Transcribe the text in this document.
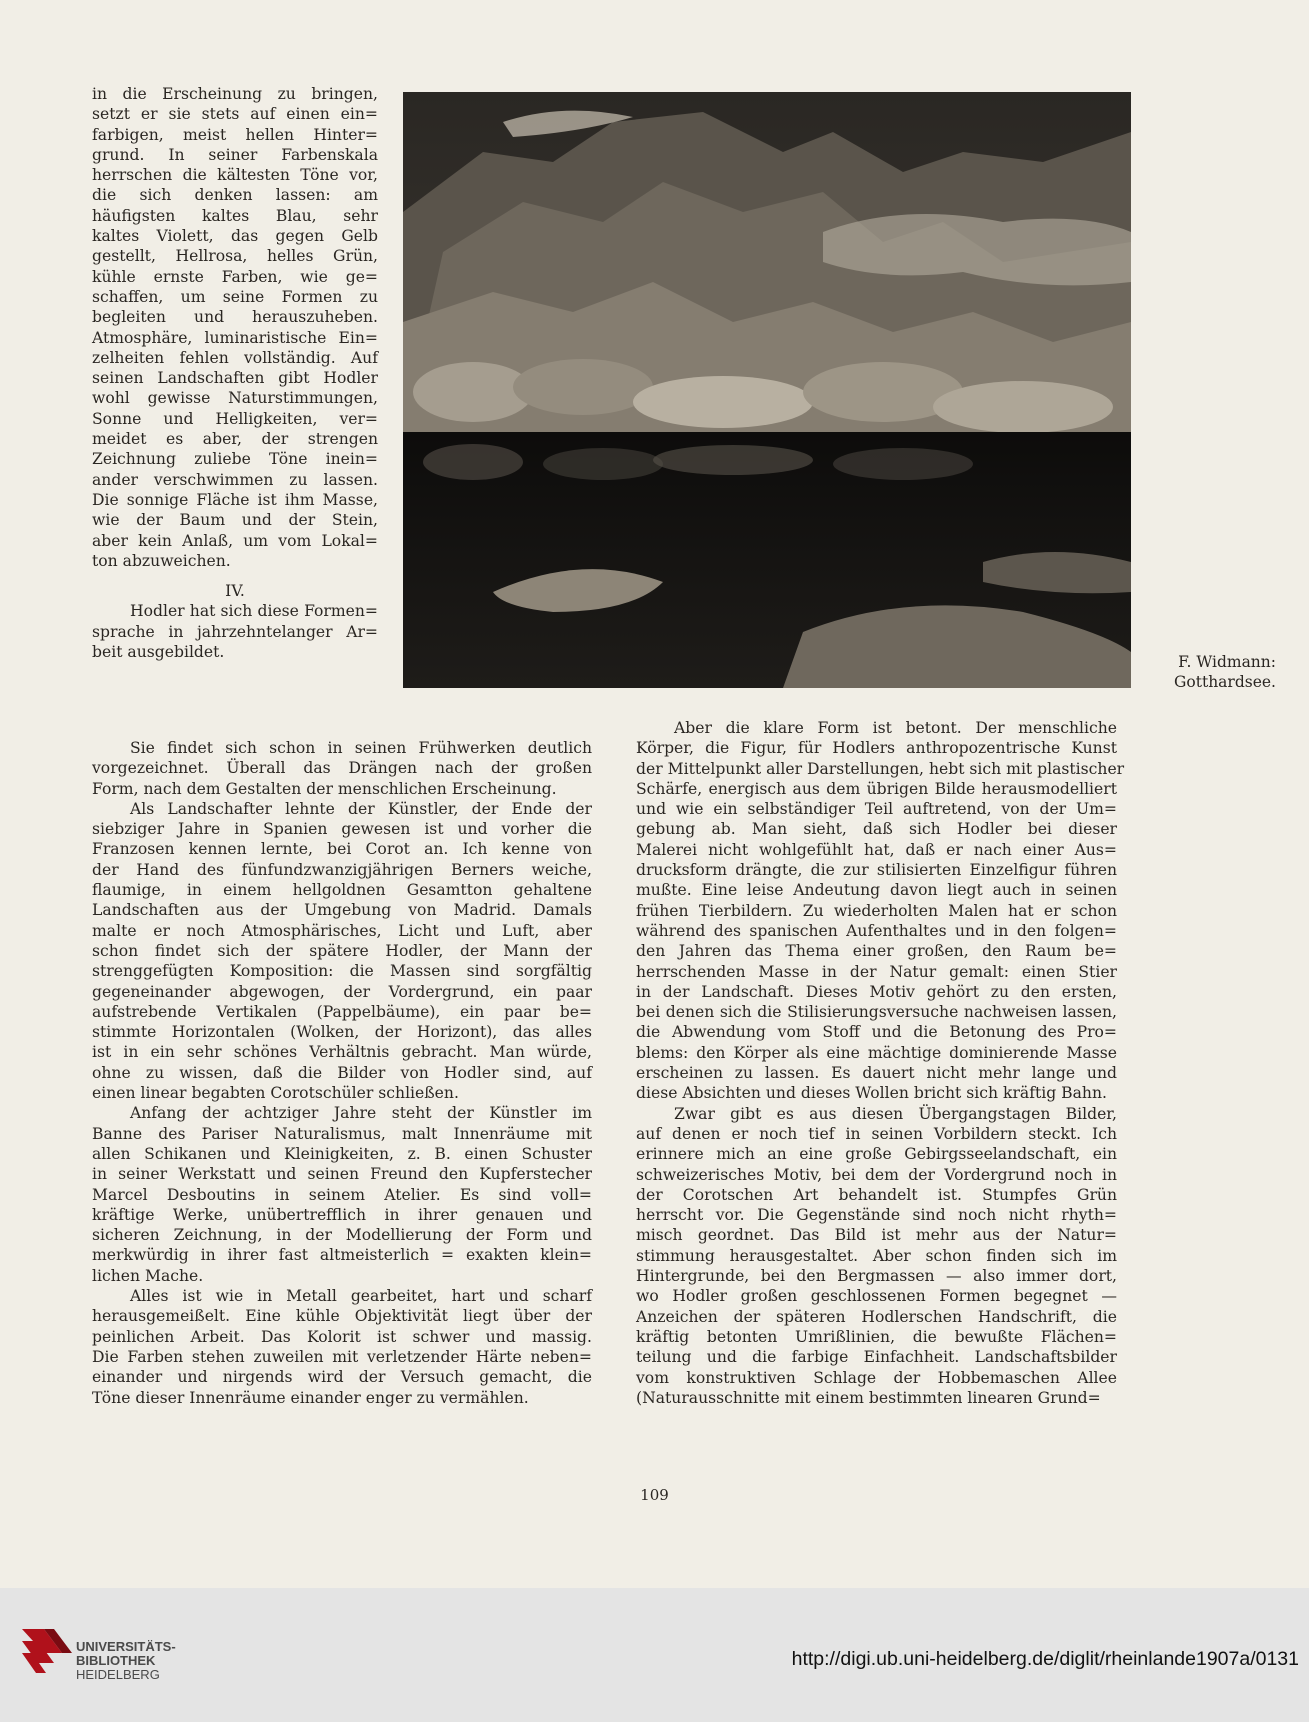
in die Erscheinung zu bringen,
setzt er sie stets auf einen ein=
farbigen, meist hellen Hinter=
grund. In seiner Farbenskala
herrschen die kältesten Töne vor,
die sich denken lassen: am
häufigsten kaltes Blau, sehr
kaltes Violett, das gegen Gelb
gestellt, Hellrosa, helles Grün,
kühle ernste Farben, wie ge=
schaffen, um seine Formen zu
begleiten und herauszuheben.
Atmosphäre, luminaristische Ein=
zelheiten fehlen vollständig. Auf
seinen Landschaften gibt Hodler
wohl gewisse Naturstimmungen,
Sonne und Helligkeiten, ver=
meidet es aber, der strengen
Zeichnung zuliebe Töne inein=
ander verschwimmen zu lassen.
Die sonnige Fläche ist ihm Masse,
wie der Baum und der Stein,
aber kein Anlaß, um vom Lokal=
ton abzuweichen.

IV.

Hodler hat sich diese Formen=
sprache in jahrzehntelanger Ar=
beit ausgebildet.

F. Widmann:
Gotthardsee.

Sie findet sich schon in seinen Frühwerken deutlich
vorgezeichnet. Überall das Drängen nach der großen
Form, nach dem Gestalten der menschlichen Erscheinung.

Als Landschafter lehnte der Künstler, der Ende der
siebziger Jahre in Spanien gewesen ist und vorher die
Franzosen kennen lernte, bei Corot an. Ich kenne von
der Hand des fünfundzwanzigjährigen Berners weiche,
flaumige, in einem hellgoldnen Gesamtton gehaltene
Landschaften aus der Umgebung von Madrid. Damals
malte er noch Atmosphärisches, Licht und Luft, aber
schon findet sich der spätere Hodler, der Mann der
strenggefügten Komposition: die Massen sind sorgfältig
gegeneinander abgewogen, der Vordergrund, ein paar
aufstrebende Vertikalen (Pappelbäume), ein paar be=
stimmte Horizontalen (Wolken, der Horizont), das alles
ist in ein sehr schönes Verhältnis gebracht. Man würde,
ohne zu wissen, daß die Bilder von Hodler sind, auf
einen linear begabten Corotschüler schließen.

Anfang der achtziger Jahre steht der Künstler im
Banne des Pariser Naturalismus, malt Innenräume mit
allen Schikanen und Kleinigkeiten, z. B. einen Schuster
in seiner Werkstatt und seinen Freund den Kupferstecher
Marcel Desboutins in seinem Atelier. Es sind voll=
kräftige Werke, unübertrefflich in ihrer genauen und
sicheren Zeichnung, in der Modellierung der Form und
merkwürdig in ihrer fast altmeisterlich = exakten klein=
lichen Mache.

Alles ist wie in Metall gearbeitet, hart und scharf
herausgemeißelt. Eine kühle Objektivität liegt über der
peinlichen Arbeit. Das Kolorit ist schwer und massig.
Die Farben stehen zuweilen mit verletzender Härte neben=
einander und nirgends wird der Versuch gemacht, die
Töne dieser Innenräume einander enger zu vermählen.

Aber die klare Form ist betont. Der menschliche
Körper, die Figur, für Hodlers anthropozentrische Kunst
der Mittelpunkt aller Darstellungen, hebt sich mit plastischer
Schärfe, energisch aus dem übrigen Bilde herausmodelliert
und wie ein selbständiger Teil auftretend, von der Um=
gebung ab. Man sieht, daß sich Hodler bei dieser
Malerei nicht wohlgefühlt hat, daß er nach einer Aus=
drucksform drängte, die zur stilisierten Einzelfigur führen
mußte. Eine leise Andeutung davon liegt auch in seinen
frühen Tierbildern. Zu wiederholten Malen hat er schon
während des spanischen Aufenthaltes und in den folgen=
den Jahren das Thema einer großen, den Raum be=
herrschenden Masse in der Natur gemalt: einen Stier
in der Landschaft. Dieses Motiv gehört zu den ersten,
bei denen sich die Stilisierungsversuche nachweisen lassen,
die Abwendung vom Stoff und die Betonung des Pro=
blems: den Körper als eine mächtige dominierende Masse
erscheinen zu lassen. Es dauert nicht mehr lange und
diese Absichten und dieses Wollen bricht sich kräftig Bahn.

Zwar gibt es aus diesen Übergangstagen Bilder,
auf denen er noch tief in seinen Vorbildern steckt. Ich
erinnere mich an eine große Gebirgsseelandschaft, ein
schweizerisches Motiv, bei dem der Vordergrund noch in
der Corotschen Art behandelt ist. Stumpfes Grün
herrscht vor. Die Gegenstände sind noch nicht rhyth=
misch geordnet. Das Bild ist mehr aus der Natur=
stimmung herausgestaltet. Aber schon finden sich im
Hintergrunde, bei den Bergmassen — also immer dort,
wo Hodler großen geschlossenen Formen begegnet —
Anzeichen der späteren Hodlerschen Handschrift, die
kräftig betonten Umrißlinien, die bewußte Flächen=
teilung und die farbige Einfachheit. Landschaftsbilder
vom konstruktiven Schlage der Hobbemaschen Allee
(Naturausschnitte mit einem bestimmten linearen Grund=

109
UNIVERSITÄTS-
BIBLIOTHEK
HEIDELBERG
http://digi.ub.uni-heidelberg.de/diglit/rheinlande1907a/0131
